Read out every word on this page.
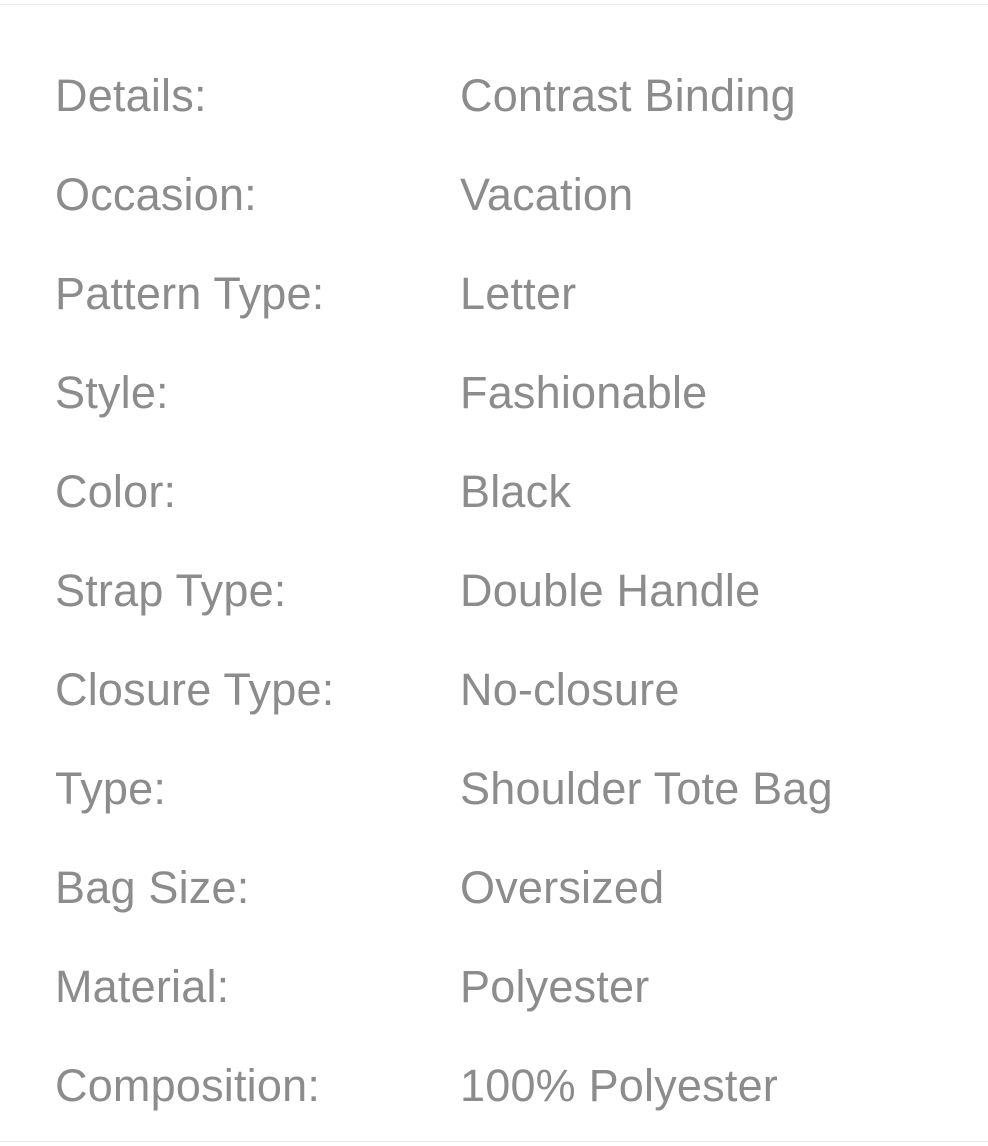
Details:	Contrast Binding
Occasion:	Vacation
Pattern Type:	Letter
Style:	Fashionable
Color:	Black
Strap Type:	Double Handle
Closure Type:	No-closure
Type:	Shoulder Tote Bag
Bag Size:	Oversized
Material:	Polyester
Composition:	100% Polyester
